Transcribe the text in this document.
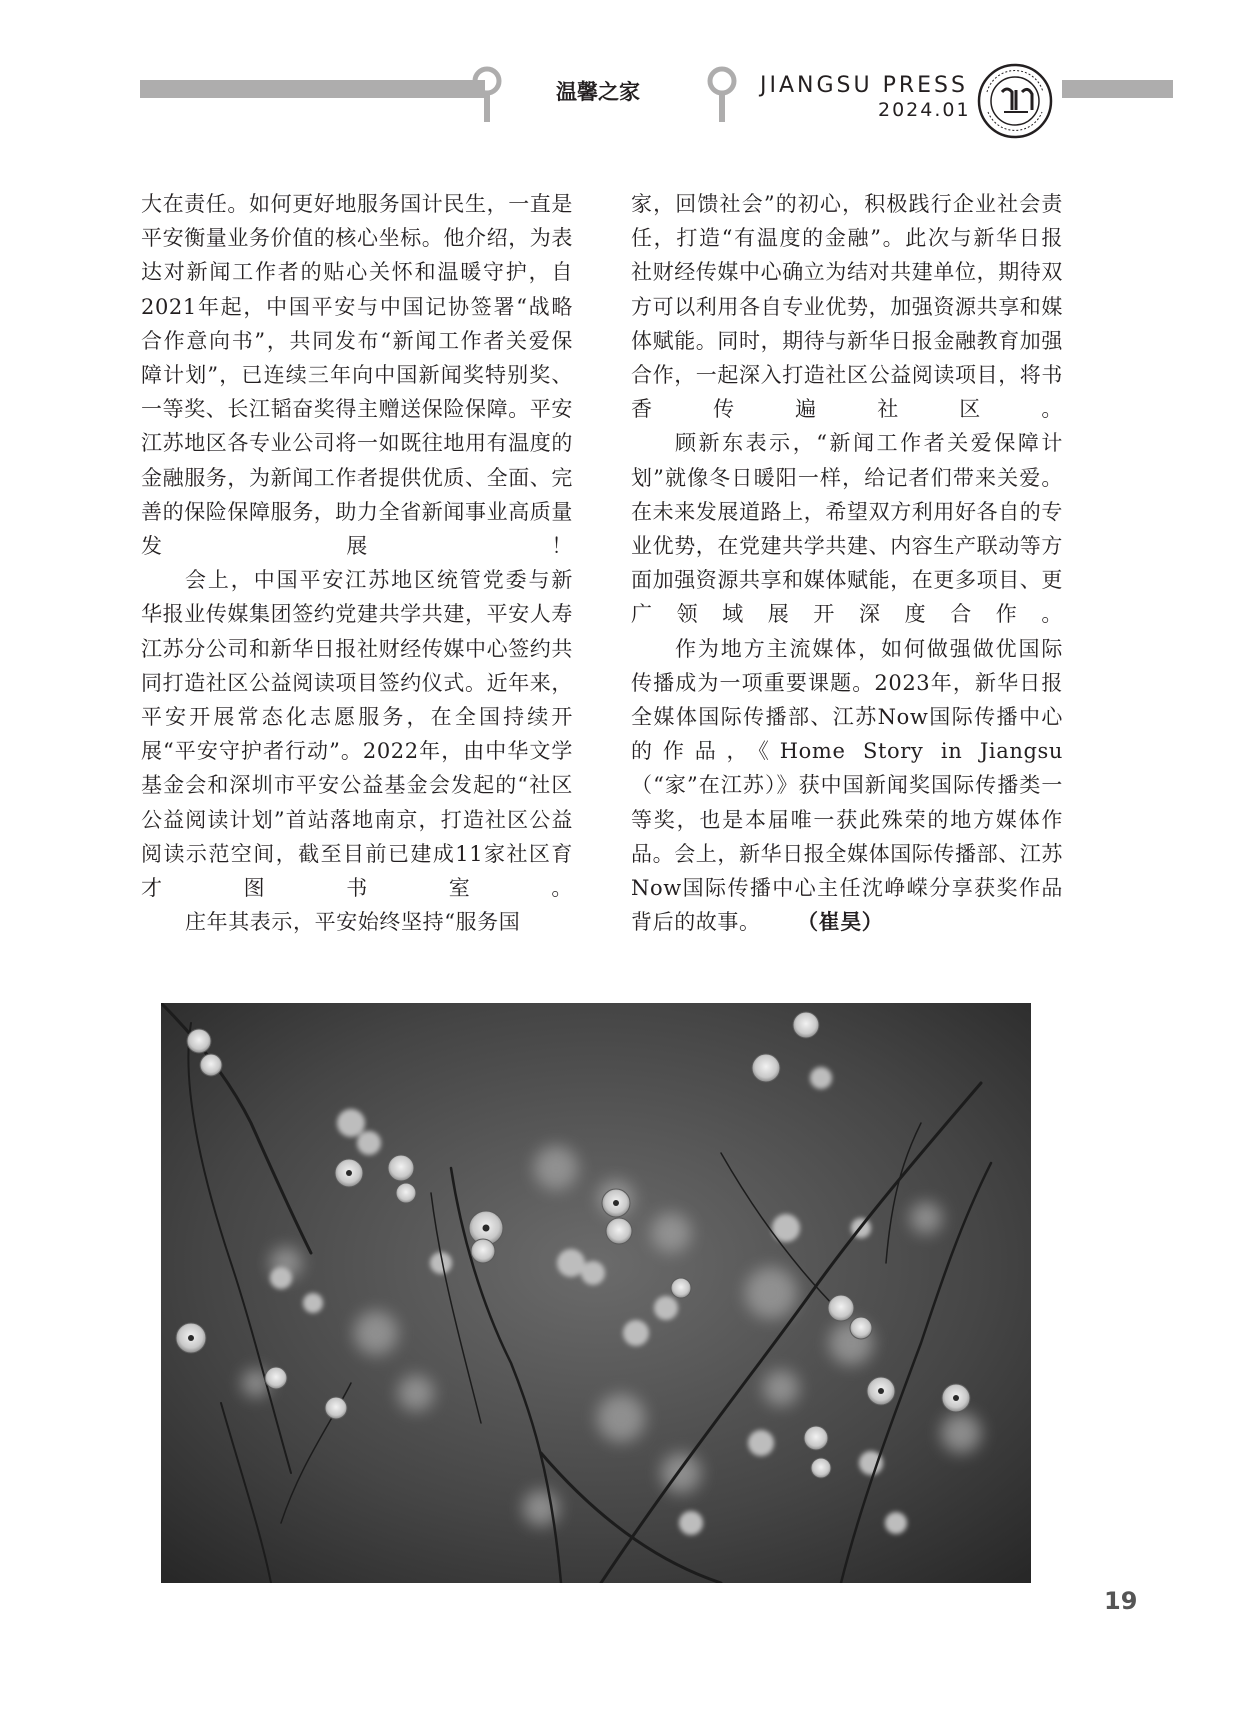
温馨之家	JIANGSU PRESS
2024.01

大在责任。如何更好地服务国计民生，一直是平安衡量业务价值的核心坐标。他介绍，为表达对新闻工作者的贴心关怀和温暖守护，自2021年起，中国平安与中国记协签署“战略合作意向书”，共同发布“新闻工作者关爱保障计划”，已连续三年向中国新闻奖特别奖、一等奖、长江韬奋奖得主赠送保险保障。平安江苏地区各专业公司将一如既往地用有温度的金融服务，为新闻工作者提供优质、全面、完善的保险保障服务，助力全省新闻事业高质量发展！

会上，中国平安江苏地区统管党委与新华报业传媒集团签约党建共学共建，平安人寿江苏分公司和新华日报社财经传媒中心签约共同打造社区公益阅读项目签约仪式。近年来，平安开展常态化志愿服务，在全国持续开展“平安守护者行动”。2022年，由中华文学基金会和深圳市平安公益基金会发起的“社区公益阅读计划”首站落地南京，打造社区公益阅读示范空间，截至目前已建成11家社区育才图书室。

庄年其表示，平安始终坚持“服务国

家，回馈社会”的初心，积极践行企业社会责任，打造“有温度的金融”。此次与新华日报社财经传媒中心确立为结对共建单位，期待双方可以利用各自专业优势，加强资源共享和媒体赋能。同时，期待与新华日报金融教育加强合作，一起深入打造社区公益阅读项目，将书香传遍社区。

顾新东表示，“新闻工作者关爱保障计划”就像冬日暖阳一样，给记者们带来关爱。在未来发展道路上，希望双方利用好各自的专业优势，在党建共学共建、内容生产联动等方面加强资源共享和媒体赋能，在更多项目、更广领域展开深度合作。

作为地方主流媒体，如何做强做优国际传播成为一项重要课题。2023年，新华日报全媒体国际传播部、江苏Now国际传播中心的作品，《Home Story in Jiangsu（“家”在江苏）》获中国新闻奖国际传播类一等奖，也是本届唯一获此殊荣的地方媒体作品。会上，新华日报全媒体国际传播部、江苏Now国际传播中心主任沈峥嵘分享获奖作品背后的故事。 （崔昊）

19
